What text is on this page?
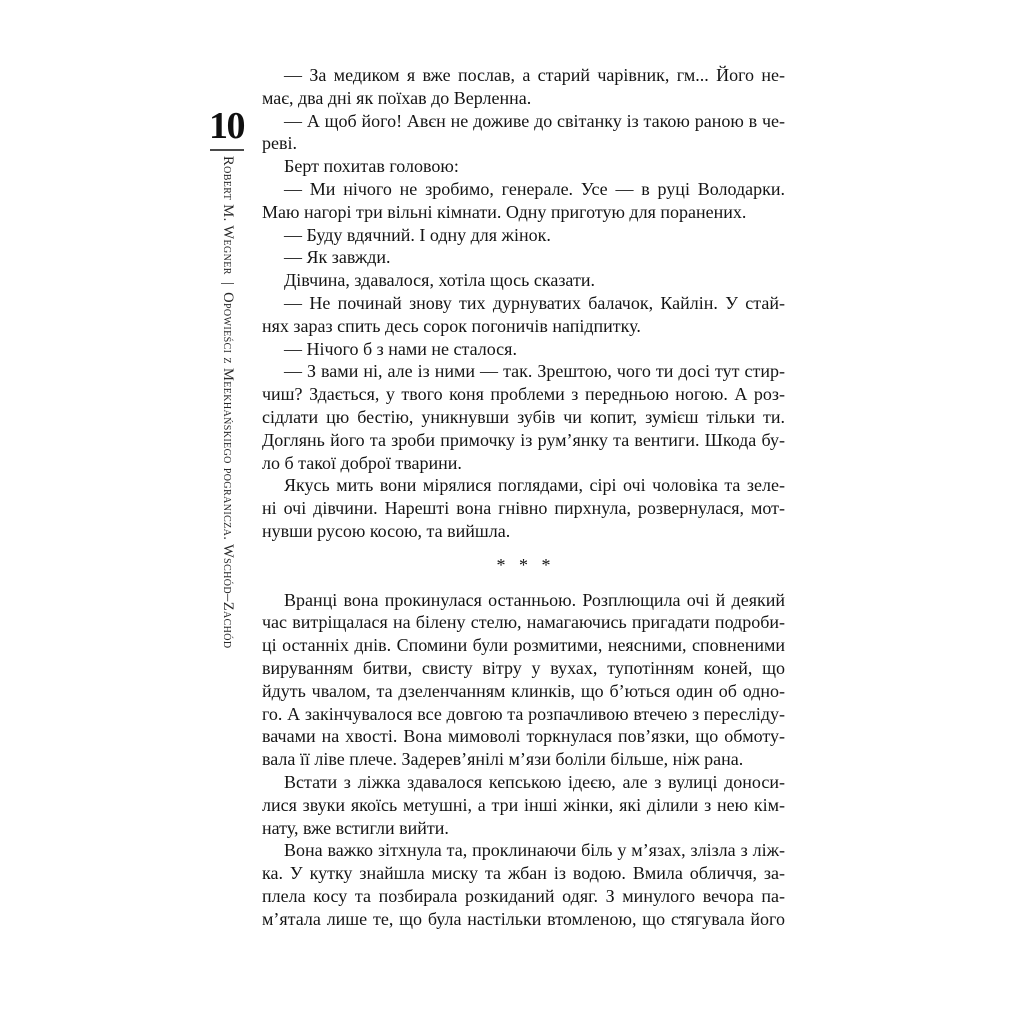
10
Robert M. Wegner|Opowieści z Meekhańskiego pogranicza. Wschód–Zachód
— За медиком я вже послав, а старий чарівник, гм... Його не-
має, два дні як поїхав до Верленна.
— А щоб його! Авєн не доживе до світанку із такою раною в че-
реві.
Берт похитав головою:
— Ми нічого не зробимо, генерале. Усе — в руці Володарки.
Маю нагорі три вільні кімнати. Одну приготую для поранених.
— Буду вдячний. І одну для жінок.
— Як завжди.
Дівчина, здавалося, хотіла щось сказати.
— Не починай знову тих дурнуватих балачок, Кайлін. У стай-
нях зараз спить десь сорок погоничів напідпитку.
— Нічого б з нами не сталося.
— З вами ні, але із ними — так. Зрештою, чого ти досі тут стир-
чиш? Здається, у твого коня проблеми з передньою ногою. А роз-
сідлати цю бестію, уникнувши зубів чи копит, зумієш тільки ти.
Доглянь його та зроби примочку із рум’янку та вентиги. Шкода бу-
ло б такої доброї тварини.
Якусь мить вони мірялися поглядами, сірі очі чоловіка та зеле-
ні очі дівчини. Нарешті вона гнівно пирхнула, розвернулася, мот-
нувши русою косою, та вийшла.
* * *
Вранці вона прокинулася останньою. Розплющила очі й деякий
час витріщалася на білену стелю, намагаючись пригадати подроби-
ці останніх днів. Спомини були розмитими, неясними, сповненими
вируванням битви, свисту вітру у вухах, тупотінням коней, що
йдуть чвалом, та дзеленчанням клинків, що б’ються один об одно-
го. А закінчувалося все довгою та розпачливою втечею з пересліду-
вачами на хвості. Вона мимоволі торкнулася пов’язки, що обмоту-
вала її ліве плече. Задерев’янілі м’язи боліли більше, ніж рана.
Встати з ліжка здавалося кепською ідеєю, але з вулиці доноси-
лися звуки якоїсь метушні, а три інші жінки, які ділили з нею кім-
нату, вже встигли вийти.
Вона важко зітхнула та, проклинаючи біль у м’язах, злізла з ліж-
ка. У кутку знайшла миску та жбан із водою. Вмила обличчя, за-
плела косу та позбирала розкиданий одяг. З минулого вечора па-
м’ятала лише те, що була настільки втомленою, що стягувала його
